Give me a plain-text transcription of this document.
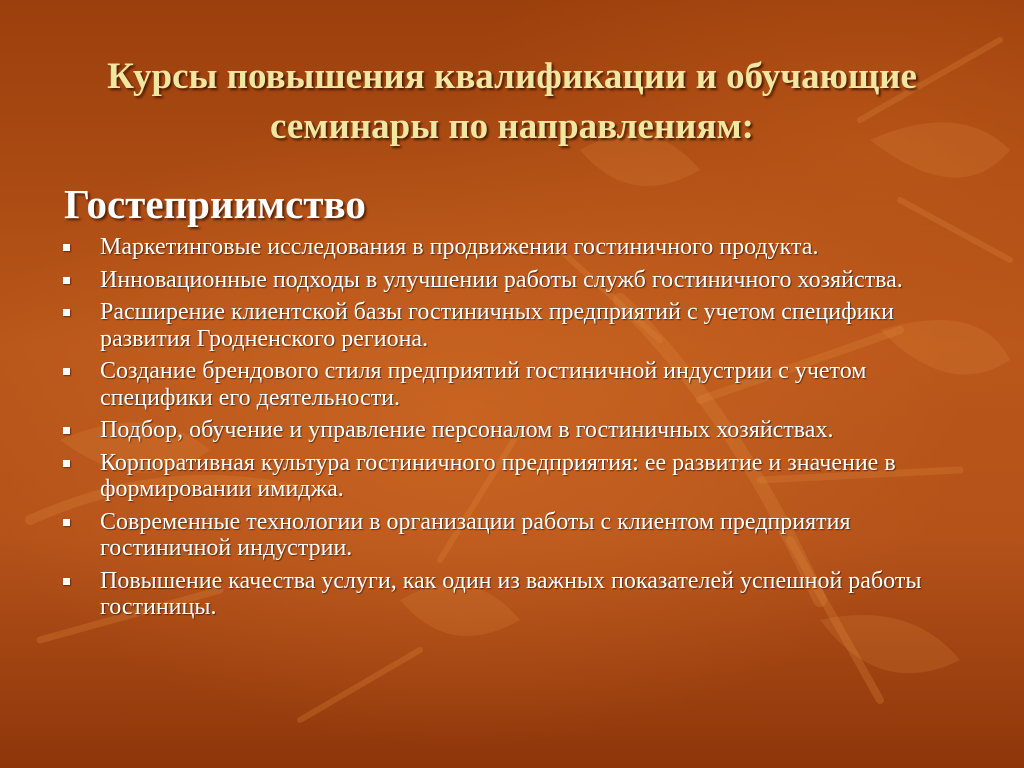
Курсы повышения квалификации и обучающие
семинары по направлениям:
Гостеприимство
Маркетинговые исследования в продвижении гостиничного продукта.
Инновационные подходы в улучшении работы служб гостиничного хозяйства.
Расширение клиентской базы гостиничных предприятий с учетом специфики развития Гродненского региона.
Создание брендового стиля предприятий гостиничной индустрии с учетом специфики его деятельности.
Подбор, обучение и управление персоналом в гостиничных хозяйствах.
Корпоративная культура гостиничного предприятия: ее развитие и значение в формировании имиджа.
Современные технологии в организации работы с клиентом предприятия гостиничной индустрии.
Повышение качества услуги, как один из важных показателей успешной работы гостиницы.
